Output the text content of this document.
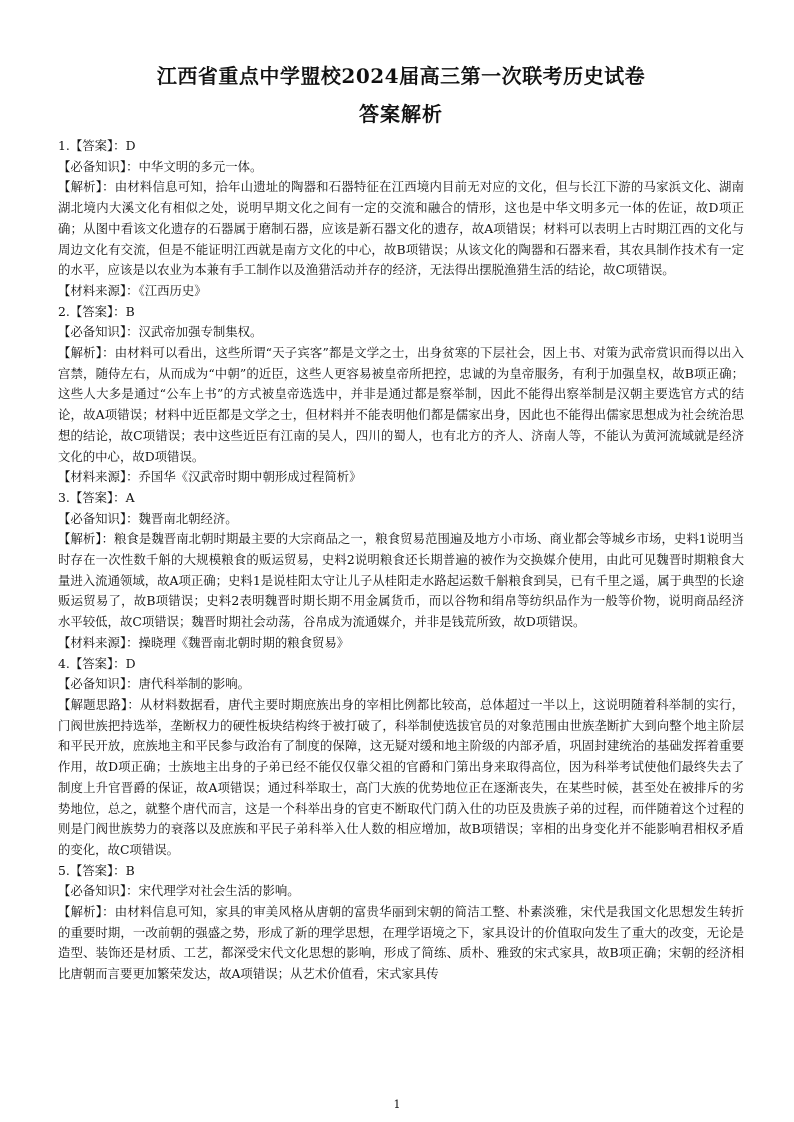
江西省重点中学盟校2024届高三第一次联考历史试卷
答案解析

1.【答案】：D

【必备知识】：中华文明的多元一体。

【解析】：由材料信息可知，拾年山遗址的陶器和石器特征在江西境内目前无对应的文化，但与长江下游的马家浜文化、湖南湖北境内大溪文化有相似之处，说明早期文化之间有一定的交流和融合的情形，这也是中华文明多元一体的佐证，故D项正确；从图中看该文化遗存的石器属于磨制石器，应该是新石器文化的遗存，故A项错误；材料可以表明上古时期江西的文化与周边文化有交流，但是不能证明江西就是南方文化的中心，故B项错误；从该文化的陶器和石器来看，其农具制作技术有一定的水平，应该是以农业为本兼有手工制作以及渔猎活动并存的经济，无法得出摆脱渔猎生活的结论，故C项错误。

【材料来源】：《江西历史》

2.【答案】：B

【必备知识】：汉武帝加强专制集权。

【解析】：由材料可以看出，这些所谓“天子宾客”都是文学之士，出身贫寒的下层社会，因上书、对策为武帝赏识而得以出入宫禁，随侍左右，从而成为“中朝”的近臣，这些人更容易被皇帝所把控，忠诚的为皇帝服务，有利于加强皇权，故B项正确；这些人大多是通过“公车上书”的方式被皇帝选选中，并非是通过都是察举制，因此不能得出察举制是汉朝主要选官方式的结论，故A项错误；材料中近臣都是文学之士，但材料并不能表明他们都是儒家出身，因此也不能得出儒家思想成为社会统治思想的结论，故C项错误；表中这些近臣有江南的吴人，四川的蜀人，也有北方的齐人、济南人等，不能认为黄河流域就是经济文化的中心，故D项错误。

【材料来源】：乔国华《汉武帝时期中朝形成过程简析》

3.【答案】：A

【必备知识】：魏晋南北朝经济。

【解析】：粮食是魏晋南北朝时期最主要的大宗商品之一，粮食贸易范围遍及地方小市场、商业都会等城乡市场，史料1说明当时存在一次性数千斛的大规模粮食的贩运贸易，史料2说明粮食还长期普遍的被作为交换媒介使用，由此可见魏晋时期粮食大量进入流通领域，故A项正确；史料1是说桂阳太守让儿子从桂阳走水路起运数千斛粮食到吴，已有千里之遥，属于典型的长途贩运贸易了，故B项错误；史料2表明魏晋时期长期不用金属货币，而以谷物和绢帛等纺织品作为一般等价物，说明商品经济水平较低，故C项错误；魏晋时期社会动荡，谷帛成为流通媒介，并非是钱荒所致，故D项错误。

【材料来源】：操晓理《魏晋南北朝时期的粮食贸易》

4.【答案】：D

【必备知识】：唐代科举制的影响。

【解题思路】：从材料数据看，唐代主要时期庶族出身的宰相比例都比较高，总体超过一半以上，这说明随着科举制的实行，门阀世族把持选举，垄断权力的硬性板块结构终于被打破了，科举制使选拔官员的对象范围由世族垄断扩大到向整个地主阶层和平民开放，庶族地主和平民参与政治有了制度的保障，这无疑对缓和地主阶级的内部矛盾，巩固封建统治的基础发挥着重要作用，故D项正确；士族地主出身的子弟已经不能仅仅靠父祖的官爵和门第出身来取得高位，因为科举考试使他们最终失去了制度上升官晋爵的保证，故A项错误；通过科举取士，高门大族的优势地位正在逐渐丧失，在某些时候，甚至处在被排斥的劣势地位，总之，就整个唐代而言，这是一个科举出身的官吏不断取代门荫入仕的功臣及贵族子弟的过程，而伴随着这个过程的则是门阀世族势力的衰落以及庶族和平民子弟科举入仕人数的相应增加，故B项错误；宰相的出身变化并不能影响君相权矛盾的变化，故C项错误。

5.【答案】：B

【必备知识】：宋代理学对社会生活的影响。

【解析】：由材料信息可知，家具的审美风格从唐朝的富贵华丽到宋朝的简洁工整、朴素淡雅，宋代是我国文化思想发生转折的重要时期，一改前朝的强盛之势，形成了新的理学思想，在理学语境之下，家具设计的价值取向发生了重大的改变，无论是造型、装饰还是材质、工艺，都深受宋代文化思想的影响，形成了简练、质朴、雅致的宋式家具，故B项正确；宋朝的经济相比唐朝而言要更加繁荣发达，故A项错误；从艺术价值看，宋式家具传

1
